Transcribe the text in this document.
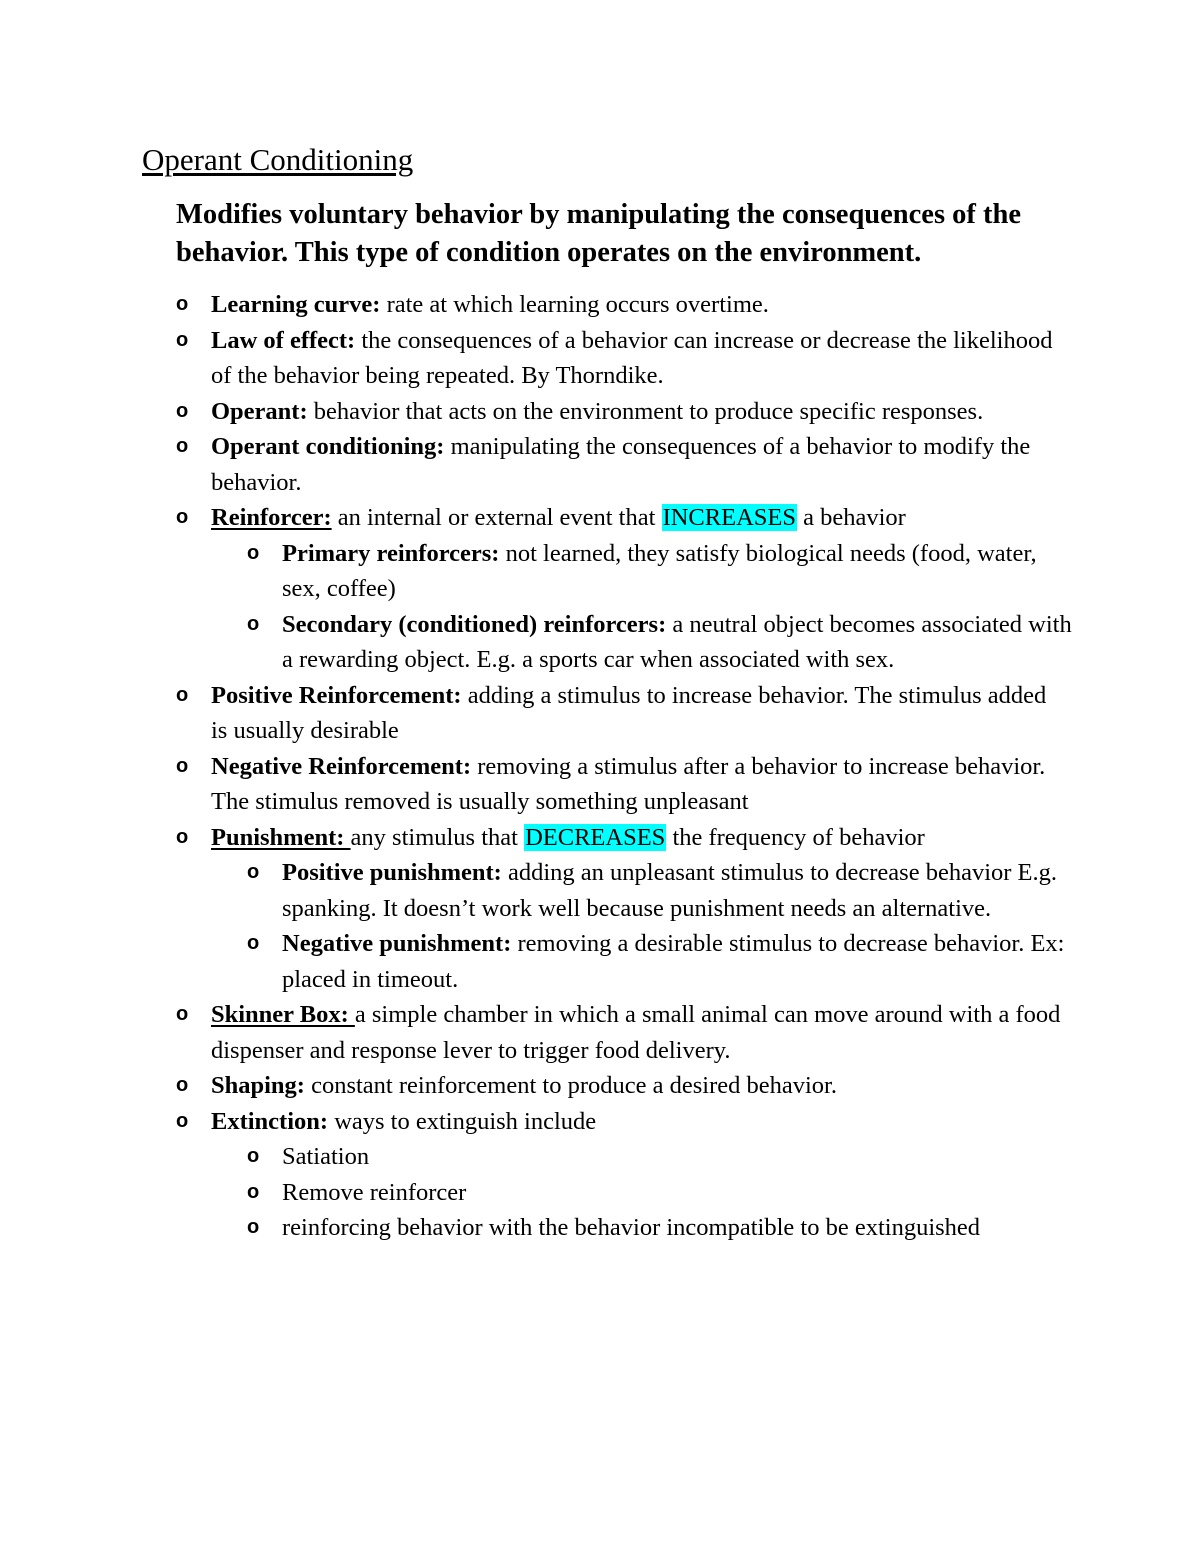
Operant Conditioning

Modifies voluntary behavior by manipulating the consequences of the behavior. This type of condition operates on the environment.

o Learning curve: rate at which learning occurs overtime.
o Law of effect: the consequences of a behavior can increase or decrease the likelihood of the behavior being repeated. By Thorndike.
o Operant: behavior that acts on the environment to produce specific responses.
o Operant conditioning: manipulating the consequences of a behavior to modify the behavior.
o Reinforcer: an internal or external event that INCREASES a behavior
o Primary reinforcers: not learned, they satisfy biological needs (food, water, sex, coffee)
o Secondary (conditioned) reinforcers: a neutral object becomes associated with a rewarding object. E.g. a sports car when associated with sex.
o Positive Reinforcement: adding a stimulus to increase behavior. The stimulus added is usually desirable
o Negative Reinforcement: removing a stimulus after a behavior to increase behavior. The stimulus removed is usually something unpleasant
o Punishment: any stimulus that DECREASES the frequency of behavior
o Positive punishment: adding an unpleasant stimulus to decrease behavior E.g. spanking. It doesn’t work well because punishment needs an alternative.
o Negative punishment: removing a desirable stimulus to decrease behavior. Ex: placed in timeout.
o Skinner Box: a simple chamber in which a small animal can move around with a food dispenser and response lever to trigger food delivery.
o Shaping: constant reinforcement to produce a desired behavior.
o Extinction: ways to extinguish include
o Satiation
o Remove reinforcer
o reinforcing behavior with the behavior incompatible to be extinguished
